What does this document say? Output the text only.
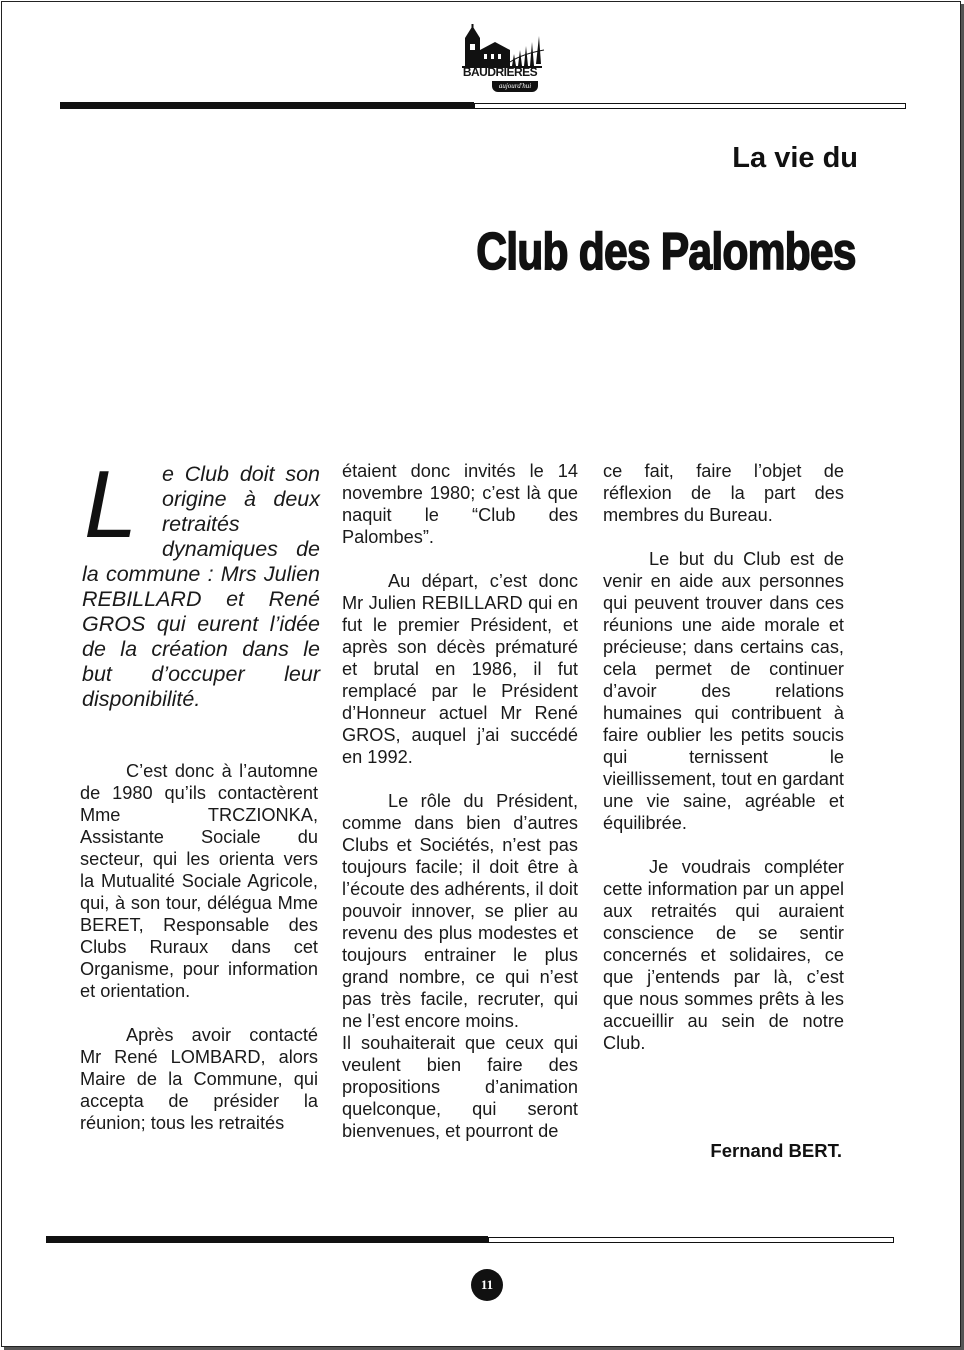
BAUDRIERES
aujourd'hui
La vie du
Club des Palombes
L	e Club doit son origine à deux retraités dynamiques de la commune : Mrs Julien REBILLARD et René GROS qui eurent l’idée de la création dans le but d’occuper leur disponibilité.

C’est donc à l’automne de 1980 qu’ils contactèrent Mme TRCZIONKA, Assistante Sociale du secteur, qui les orienta vers la Mutualité Sociale Agricole, qui, à son tour, délégua Mme BERET, Responsable des Clubs Ruraux dans cet Organisme, pour information et orientation.

Après avoir contacté Mr René LOMBARD, alors Maire de la Commune, qui accepta de présider la réunion; tous les retraités

étaient donc invités le 14 novembre 1980; c’est là que naquit le “Club des Palombes”.

Au départ, c’est donc Mr Julien REBILLARD qui en fut le premier Président, et après son décès prématuré et brutal en 1986, il fut remplacé par le Président d’Honneur actuel Mr René GROS, auquel j’ai succédé en 1992.

Le rôle du Président, comme dans bien d’autres Clubs et Sociétés, n’est pas toujours facile; il doit être à l’écoute des adhérents, il doit pouvoir innover, se plier au revenu des plus modestes et toujours entrainer le plus grand nombre, ce qui n’est pas très facile, recruter, qui ne l’est encore moins.

Il souhaiterait que ceux qui veulent bien faire des propositions d’animation quelconque, qui seront bienvenues, et pourront de

ce fait, faire l’objet de réflexion de la part des membres du Bureau.

Le but du Club est de venir en aide aux personnes qui peuvent trouver dans ces réunions une aide morale et précieuse; dans certains cas, cela permet de continuer d’avoir des relations humaines qui contribuent à faire oublier les petits soucis qui ternissent le vieillissement, tout en gardant une vie saine, agréable et équilibrée.

Je voudrais compléter cette information par un appel aux retraités qui auraient conscience de se sentir concernés et solidaires, ce que j’entends par là, c’est que nous sommes prêts à les accueillir au sein de notre Club.

Fernand BERT.
11
